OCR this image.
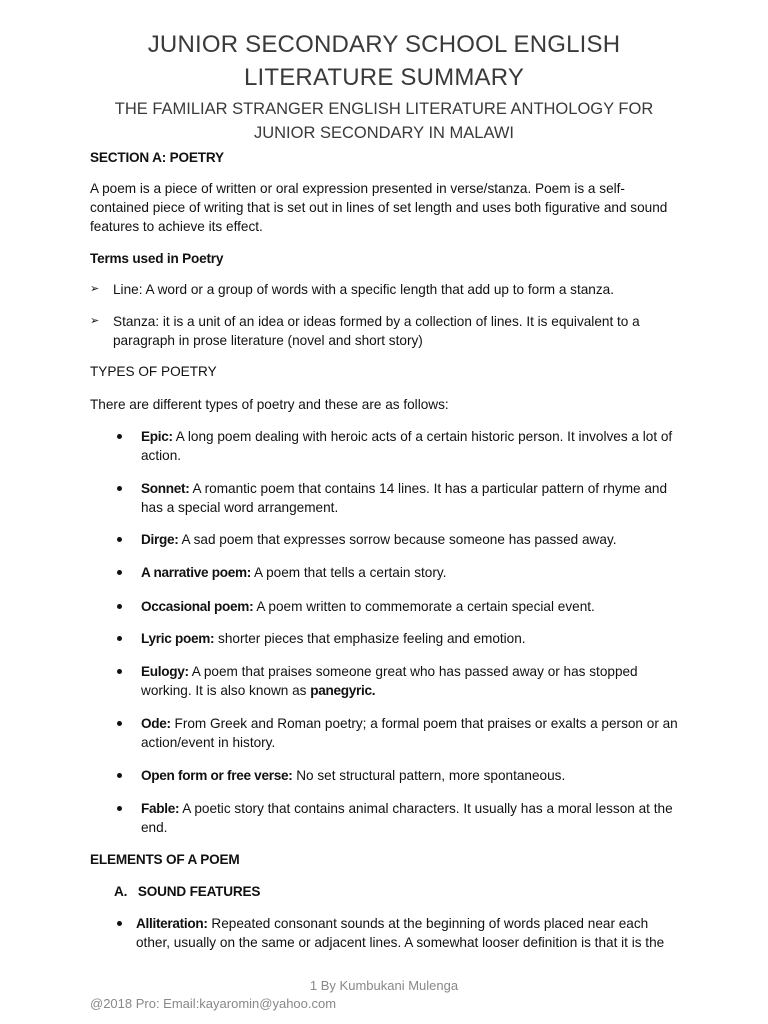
JUNIOR SECONDARY SCHOOL ENGLISH
LITERATURE SUMMARY
THE FAMILIAR STRANGER ENGLISH LITERATURE ANTHOLOGY FOR
JUNIOR SECONDARY IN MALAWI
SECTION A: POETRY
A poem is a piece of written or oral expression presented in verse/stanza. Poem is a self-contained piece of writing that is set out in lines of set length and uses both figurative and sound features to achieve its effect.
Terms used in Poetry
➢ Line: A word or a group of words with a specific length that add up to form a stanza.
➢ Stanza: it is a unit of an idea or ideas formed by a collection of lines. It is equivalent to a paragraph in prose literature (novel and short story)
TYPES OF POETRY
There are different types of poetry and these are as follows:
Epic: A long poem dealing with heroic acts of a certain historic person. It involves a lot of action.
Sonnet: A romantic poem that contains 14 lines. It has a particular pattern of rhyme and has a special word arrangement.
Dirge: A sad poem that expresses sorrow because someone has passed away.
A narrative poem: A poem that tells a certain story.
Occasional poem: A poem written to commemorate a certain special event.
Lyric poem: shorter pieces that emphasize feeling and emotion.
Eulogy: A poem that praises someone great who has passed away or has stopped working. It is also known as panegyric.
Ode: From Greek and Roman poetry; a formal poem that praises or exalts a person or an action/event in history.
Open form or free verse: No set structural pattern, more spontaneous.
Fable: A poetic story that contains animal characters. It usually has a moral lesson at the end.
ELEMENTS OF A POEM
A.   SOUND FEATURES
Alliteration: Repeated consonant sounds at the beginning of words placed near each other, usually on the same or adjacent lines. A somewhat looser definition is that it is the
1 By Kumbukani Mulenga
@2018 Pro: Email:kayaromin@yahoo.com
